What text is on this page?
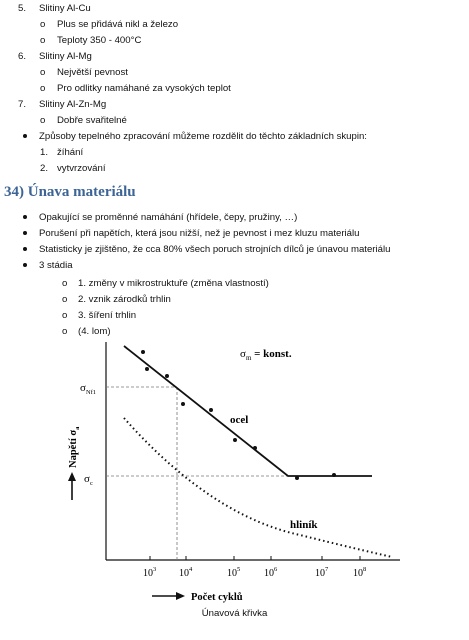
5. Slitiny Al-Cu
o Plus se přidává nikl a železo
o Teploty 350 - 400°C
6. Slitiny Al-Mg
o Největší pevnost
o Pro odlitky namáhané za vysokých teplot
7. Slitiny Al-Zn-Mg
o Dobře svařitelné
Způsoby tepelného zpracování můžeme rozdělit do těchto základních skupin:
1. žíhání
2. vytvrzování
34) Únava materiálu
Opakující se proměnné namáhání (hřídele, čepy, pružiny, …)
Porušení při napětích, která jsou nižší, než je pevnost i mez kluzu materiálu
Statisticky je zjištěno, že cca 80% všech poruch strojních dílců je únavou materiálu
3 stádia
o 1. změny v mikrostruktuře (změna vlastností)
o 2. vznik zárodků trhlin
o 3. šíření trhlin
o (4. lom)
$\sigma_m$ = konst.
ocel
hliník
$\sigma_{Nf1}$
$\sigma_c$
Napětí $\sigma_a$
$10^3$ $10^4$	$10^5$ $10^6$	$10^7$ $10^8$
Počet cyklů
Únavová křivka
